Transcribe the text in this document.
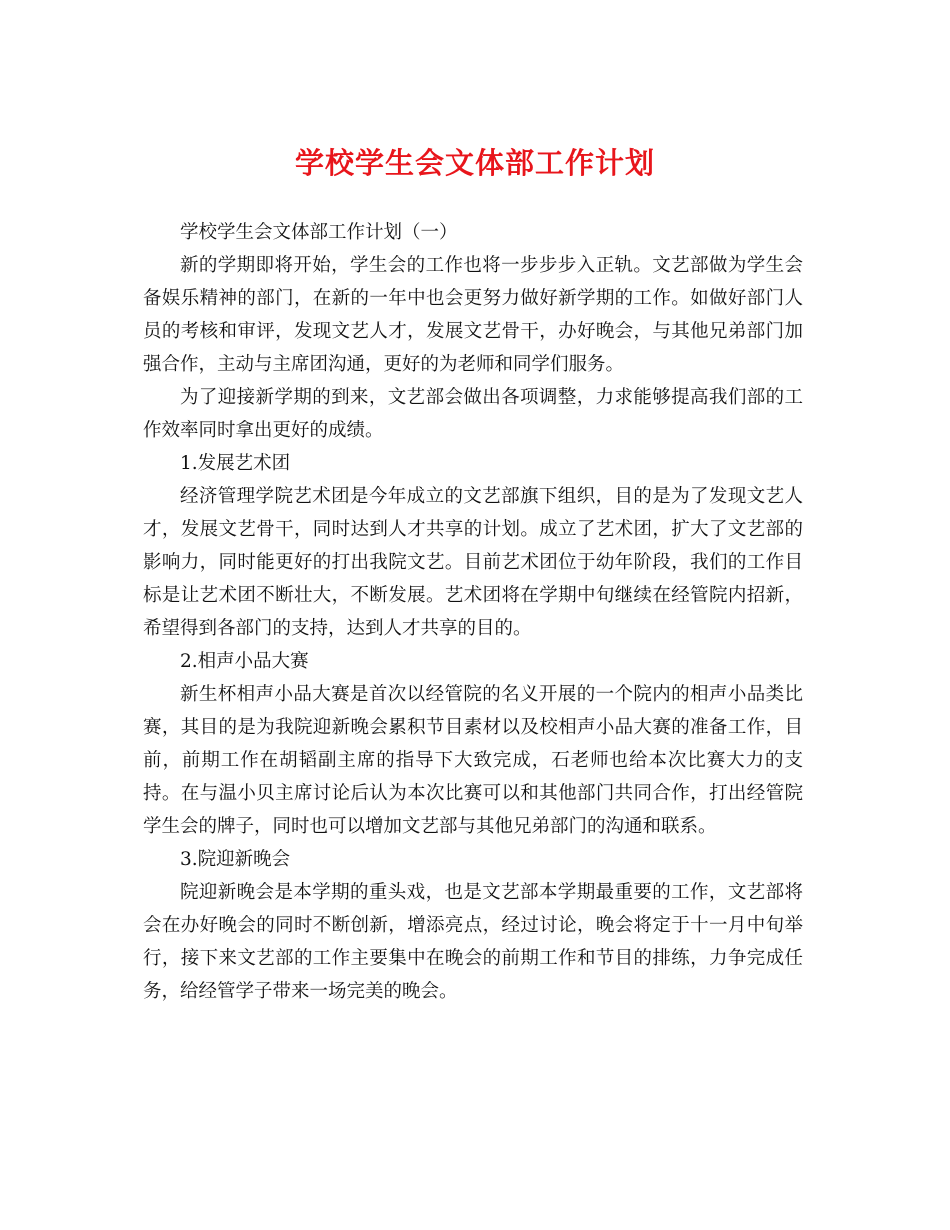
学校学生会文体部工作计划

学校学生会文体部工作计划（一）

新的学期即将开始，学生会的工作也将一步步步入正轨。文艺部做为学生会备娱乐精神的部门，在新的一年中也会更努力做好新学期的工作。如做好部门人员的考核和审评，发现文艺人才，发展文艺骨干，办好晚会，与其他兄弟部门加强合作，主动与主席团沟通，更好的为老师和同学们服务。

为了迎接新学期的到来，文艺部会做出各项调整，力求能够提高我们部的工作效率同时拿出更好的成绩。

1.发展艺术团

经济管理学院艺术团是今年成立的文艺部旗下组织，目的是为了发现文艺人才，发展文艺骨干，同时达到人才共享的计划。成立了艺术团，扩大了文艺部的影响力，同时能更好的打出我院文艺。目前艺术团位于幼年阶段，我们的工作目标是让艺术团不断壮大，不断发展。艺术团将在学期中旬继续在经管院内招新，希望得到各部门的支持，达到人才共享的目的。

2.相声小品大赛

新生杯相声小品大赛是首次以经管院的名义开展的一个院内的相声小品类比赛，其目的是为我院迎新晚会累积节目素材以及校相声小品大赛的准备工作，目前，前期工作在胡韬副主席的指导下大致完成，石老师也给本次比赛大力的支持。在与温小贝主席讨论后认为本次比赛可以和其他部门共同合作，打出经管院学生会的牌子，同时也可以增加文艺部与其他兄弟部门的沟通和联系。

3.院迎新晚会

院迎新晚会是本学期的重头戏，也是文艺部本学期最重要的工作，文艺部将会在办好晚会的同时不断创新，增添亮点，经过讨论，晚会将定于十一月中旬举行，接下来文艺部的工作主要集中在晚会的前期工作和节目的排练，力争完成任务，给经管学子带来一场完美的晚会。
